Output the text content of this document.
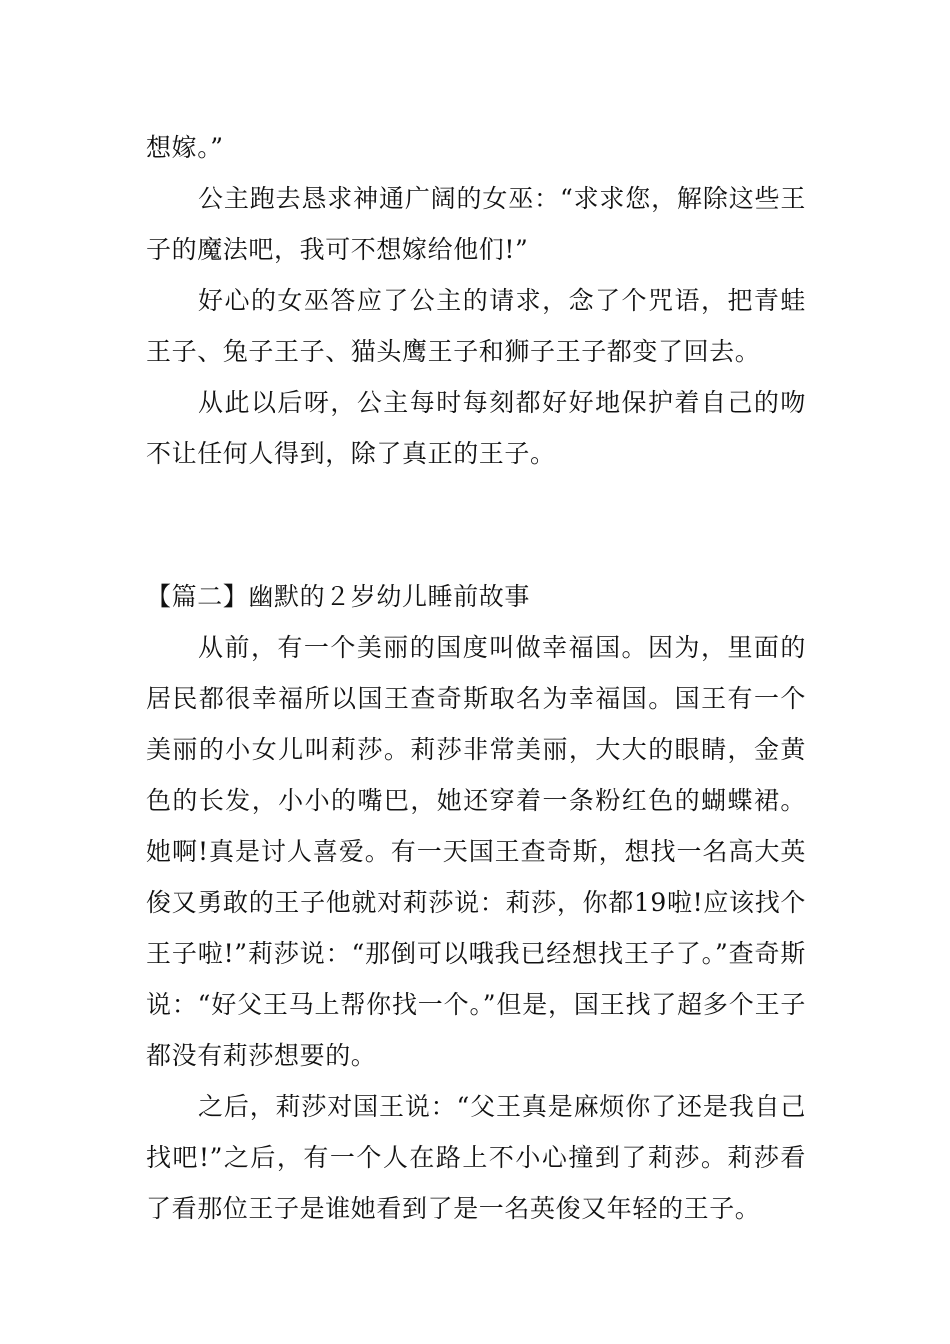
想嫁。”

公主跑去恳求神通广阔的女巫：“求求您，解除这些王子的魔法吧，我可不想嫁给他们!”

好心的女巫答应了公主的请求，念了个咒语，把青蛙王子、兔子王子、猫头鹰王子和狮子王子都变了回去。

从此以后呀，公主每时每刻都好好地保护着自己的吻不让任何人得到，除了真正的王子。

【篇二】幽默的２岁幼儿睡前故事

从前，有一个美丽的国度叫做幸福国。因为，里面的居民都很幸福所以国王查奇斯取名为幸福国。国王有一个美丽的小女儿叫莉莎。莉莎非常美丽，大大的眼睛，金黄色的长发，小小的嘴巴，她还穿着一条粉红色的蝴蝶裙。她啊!真是讨人喜爱。有一天国王查奇斯，想找一名高大英俊又勇敢的王子他就对莉莎说：莉莎，你都19啦!应该找个王子啦!”莉莎说：“那倒可以哦我已经想找王子了。”查奇斯说：“好父王马上帮你找一个。”但是，国王找了超多个王子都没有莉莎想要的。

之后，莉莎对国王说：“父王真是麻烦你了还是我自己找吧!”之后，有一个人在路上不小心撞到了莉莎。莉莎看了看那位王子是谁她看到了是一名英俊又年轻的王子。
